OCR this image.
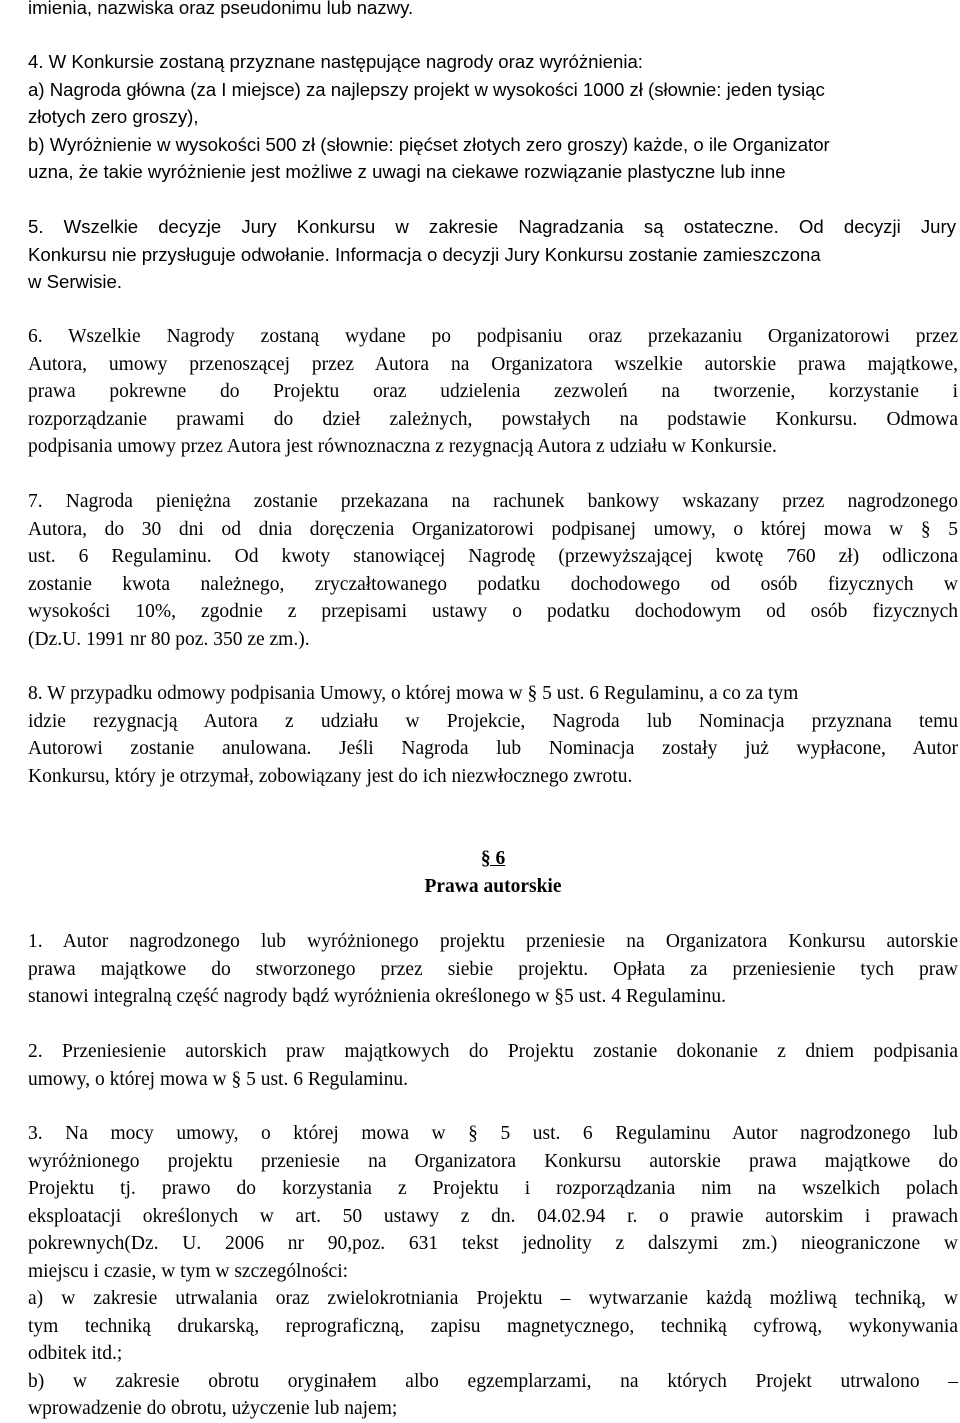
imienia, nazwiska oraz pseudonimu lub nazwy.
4. W Konkursie zostaną przyznane następujące nagrody oraz wyróżnienia:
a) Nagroda główna (za I miejsce) za najlepszy projekt w wysokości 1000 zł (słownie: jeden tysiąc
złotych zero groszy),
b) Wyróżnienie w wysokości 500 zł (słownie: pięćset złotych zero groszy) każde, o ile Organizator
uzna, że takie wyróżnienie jest możliwe z uwagi na ciekawe rozwiązanie plastyczne lub inne
5. Wszelkie decyzje Jury Konkursu w zakresie Nagradzania są ostateczne. Od decyzji Jury
Konkursu nie przysługuje odwołanie. Informacja o decyzji Jury Konkursu zostanie zamieszczona
w Serwisie.
6. Wszelkie Nagrody zostaną wydane po podpisaniu oraz przekazaniu Organizatorowi przez
Autora, umowy przenoszącej przez Autora na Organizatora wszelkie autorskie prawa majątkowe,
prawa pokrewne do Projektu oraz udzielenia zezwoleń na tworzenie, korzystanie i
rozporządzanie prawami do dzieł zależnych, powstałych na podstawie Konkursu. Odmowa
podpisania umowy przez Autora jest równoznaczna z rezygnacją Autora z udziału w Konkursie.
7. Nagroda pieniężna zostanie przekazana na rachunek bankowy wskazany przez nagrodzonego
Autora, do 30 dni od dnia doręczenia Organizatorowi podpisanej umowy, o której mowa w § 5
ust. 6 Regulaminu. Od kwoty stanowiącej Nagrodę (przewyższającej kwotę 760 zł) odliczona
zostanie kwota należnego, zryczałtowanego podatku dochodowego od osób fizycznych w
wysokości 10%, zgodnie z przepisami ustawy o podatku dochodowym od osób fizycznych
(Dz.U. 1991 nr 80 poz. 350 ze zm.).
8. W przypadku odmowy podpisania Umowy, o której mowa w § 5 ust. 6 Regulaminu, a co za tym
idzie rezygnacją Autora z udziału w Projekcie, Nagroda lub Nominacja przyznana temu
Autorowi zostanie anulowana. Jeśli Nagroda lub Nominacja zostały już wypłacone, Autor
Konkursu, który je otrzymał, zobowiązany jest do ich niezwłocznego zwrotu.
§ 6
Prawa autorskie
1. Autor nagrodzonego lub wyróżnionego projektu przeniesie na Organizatora Konkursu autorskie
prawa majątkowe do stworzonego przez siebie projektu. Opłata za przeniesienie tych praw
stanowi integralną część nagrody bądź wyróżnienia określonego w §5 ust. 4 Regulaminu.
2. Przeniesienie autorskich praw majątkowych do Projektu zostanie dokonanie z dniem podpisania
umowy, o której mowa w § 5 ust. 6 Regulaminu.
3. Na mocy umowy, o której mowa w § 5 ust. 6 Regulaminu Autor nagrodzonego lub
wyróżnionego projektu przeniesie na Organizatora Konkursu autorskie prawa majątkowe do
Projektu tj. prawo do korzystania z Projektu i rozporządzania nim na wszelkich polach
eksploatacji określonych w art. 50 ustawy z dn. 04.02.94 r. o prawie autorskim i prawach
pokrewnych(Dz. U. 2006 nr 90,poz. 631 tekst jednolity z dalszymi zm.) nieograniczone w
miejscu i czasie, w tym w szczególności:
a) w zakresie utrwalania oraz zwielokrotniania Projektu – wytwarzanie każdą możliwą techniką, w
tym techniką drukarską, reprograficzną, zapisu magnetycznego, techniką cyfrową, wykonywania
odbitek itd.;
b) w zakresie obrotu oryginałem albo egzemplarzami, na których Projekt utrwalono –
wprowadzenie do obrotu, użyczenie lub najem;
